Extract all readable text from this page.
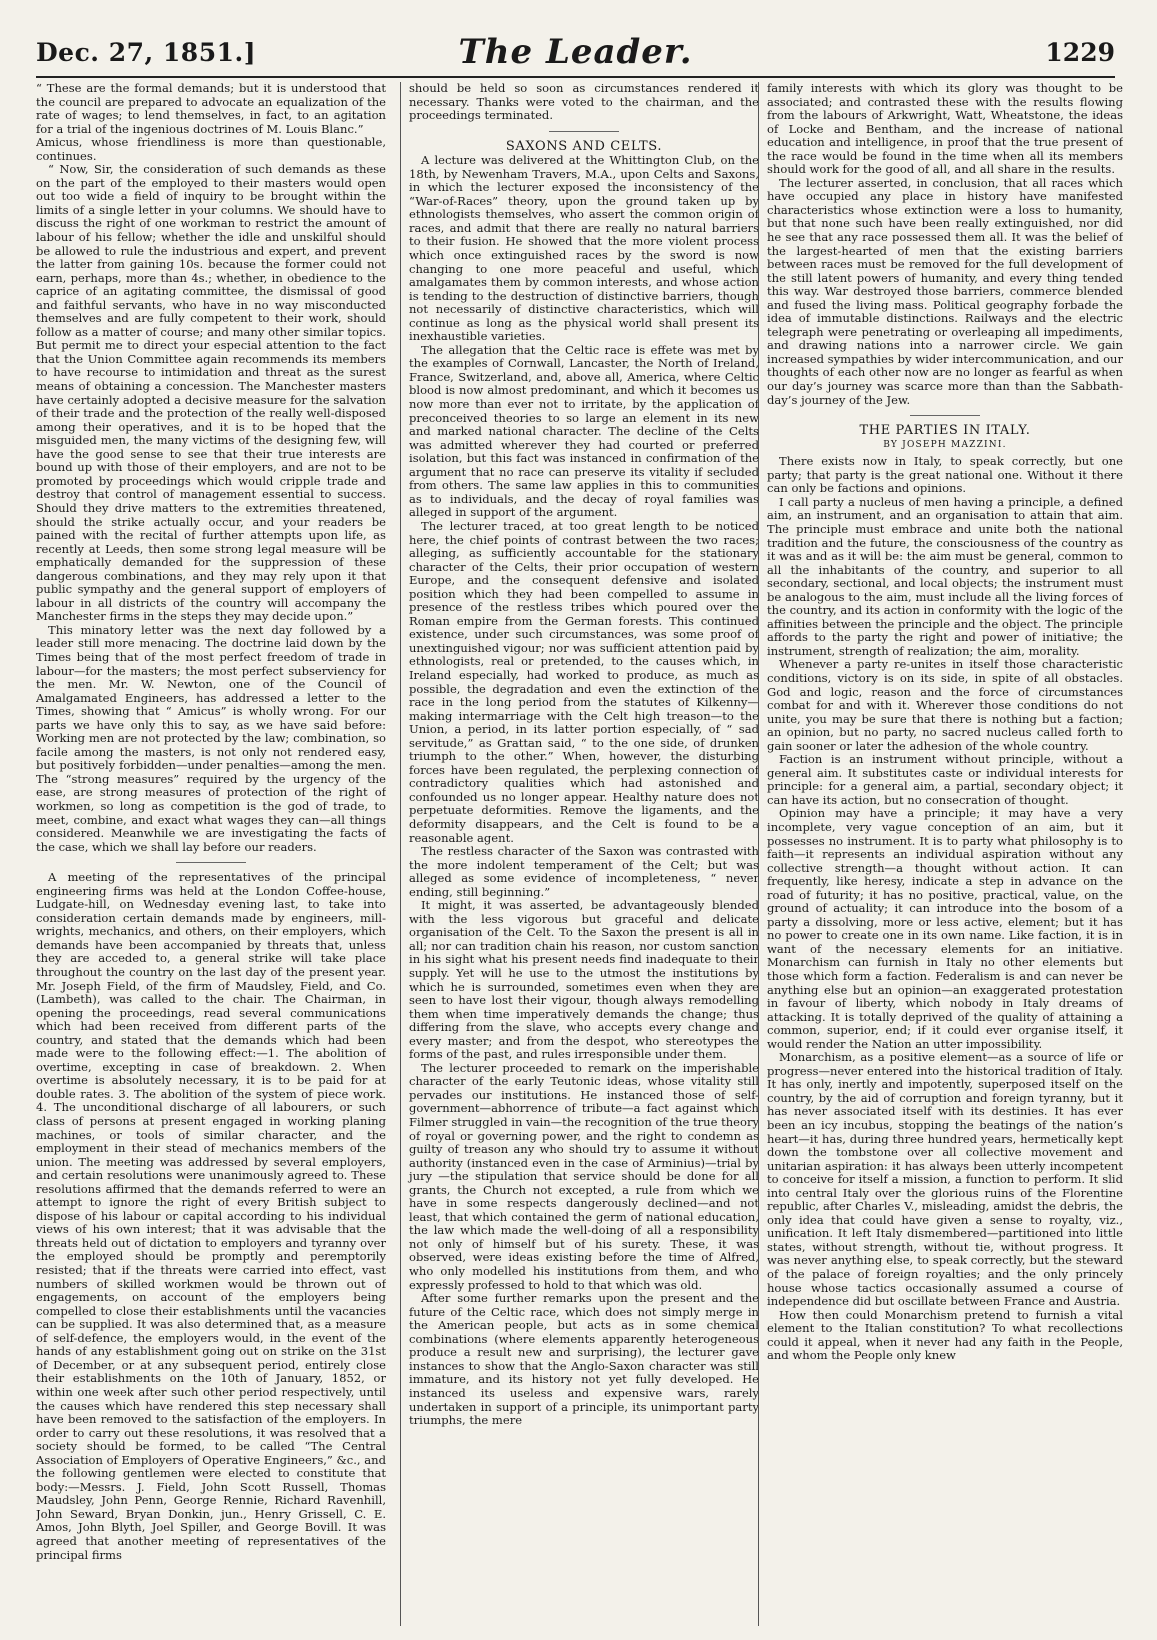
Dec. 27, 1851.]	The Leader.	1229

“ These are the formal demands; but it is understood that the council are prepared to advocate an equalization of the rate of wages; to lend themselves, in fact, to an agitation for a trial of the ingenious doctrines of M. Louis Blanc.”

Amicus, whose friendliness is more than questionable, continues.

“ Now, Sir, the consideration of such demands as these on the part of the employed to their masters would open out too wide a field of inquiry to be brought within the limits of a single letter in your columns. We should have to discuss the right of one workman to restrict the amount of labour of his fellow; whether the idle and unskilful should be allowed to rule the industrious and expert, and prevent the latter from gaining 10s. because the former could not earn, perhaps, more than 4s.; whether, in obedience to the caprice of an agitating committee, the dismissal of good and faithful servants, who have in no way misconducted themselves and are fully competent to their work, should follow as a matter of course; and many other similar topics. But permit me to direct your especial attention to the fact that the Union Committee again recommends its members to have recourse to intimidation and threat as the surest means of obtaining a concession. The Manchester masters have certainly adopted a decisive measure for the salvation of their trade and the protection of the really well-disposed among their operatives, and it is to be hoped that the misguided men, the many victims of the designing few, will have the good sense to see that their true interests are bound up with those of their employers, and are not to be promoted by proceedings which would cripple trade and destroy that control of management essential to success. Should they drive matters to the extremities threatened, should the strike actually occur, and your readers be pained with the recital of further attempts upon life, as recently at Leeds, then some strong legal measure will be emphatically demanded for the suppression of these dangerous combinations, and they may rely upon it that public sympathy and the general support of employers of labour in all districts of the country will accompany the Manchester firms in the steps they may decide upon.”

This minatory letter was the next day followed by a leader still more menacing. The doctrine laid down by the Times being that of the most perfect freedom of trade in labour—for the masters; the most perfect subserviency for the men. Mr. W. Newton, one of the Council of Amalgamated Engineers, has addressed a letter to the Times, showing that “ Amicus” is wholly wrong. For our parts we have only this to say, as we have said before: Working men are not protected by the law; combination, so facile among the masters, is not only not rendered easy, but positively forbidden—under penalties—among the men. The “strong measures” required by the urgency of the ease, are strong measures of protection of the right of workmen, so long as competition is the god of trade, to meet, combine, and exact what wages they can—all things considered. Meanwhile we are investigating the facts of the case, which we shall lay before our readers.

A meeting of the representatives of the principal engineering firms was held at the London Coffee-house, Ludgate-hill, on Wednesday evening last, to take into consideration certain demands made by engineers, mill-wrights, mechanics, and others, on their employers, which demands have been accompanied by threats that, unless they are acceded to, a general strike will take place throughout the country on the last day of the present year. Mr. Joseph Field, of the firm of Maudsley, Field, and Co. (Lambeth), was called to the chair. The Chairman, in opening the proceedings, read several communications which had been received from different parts of the country, and stated that the demands which had been made were to the following effect:—1. The abolition of overtime, excepting in case of breakdown. 2. When overtime is absolutely necessary, it is to be paid for at double rates. 3. The abolition of the system of piece work. 4. The unconditional discharge of all labourers, or such class of persons at present engaged in working planing machines, or tools of similar character, and the employment in their stead of mechanics members of the union. The meeting was addressed by several employers, and certain resolutions were unanimously agreed to. These resolutions affirmed that the demands referred to were an attempt to ignore the right of every British subject to dispose of his labour or capital according to his individual views of his own interest; that it was advisable that the threats held out of dictation to employers and tyranny over the employed should be promptly and peremptorily resisted; that if the threats were carried into effect, vast numbers of skilled workmen would be thrown out of engagements, on account of the employers being compelled to close their establishments until the vacancies can be supplied. It was also determined that, as a measure of self-defence, the employers would, in the event of the hands of any establishment going out on strike on the 31st of December, or at any subsequent period, entirely close their establishments on the 10th of January, 1852, or within one week after such other period respectively, until the causes which have rendered this step necessary shall have been removed to the satisfaction of the employers. In order to carry out these resolutions, it was resolved that a society should be formed, to be called “The Central Association of Employers of Operative Engineers,” &c., and the following gentlemen were elected to constitute that body:—Messrs. J. Field, John Scott Russell, Thomas Maudsley, John Penn, George Rennie, Richard Ravenhill, John Seward, Bryan Donkin, jun., Henry Grissell, C. E. Amos, John Blyth, Joel Spiller, and George Bovill. It was agreed that another meeting of representatives of the principal firms

should be held so soon as circumstances rendered it necessary. Thanks were voted to the chairman, and the proceedings terminated.

SAXONS AND CELTS.

A lecture was delivered at the Whittington Club, on the 18th, by Newenham Travers, M.A., upon Celts and Saxons, in which the lecturer exposed the inconsistency of the “War-of-Races” theory, upon the ground taken up by ethnologists themselves, who assert the common origin of races, and admit that there are really no natural barriers to their fusion. He showed that the more violent process which once extinguished races by the sword is now changing to one more peaceful and useful, which amalgamates them by common interests, and whose action is tending to the destruction of distinctive barriers, though not necessarily of distinctive characteristics, which will continue as long as the physical world shall present its inexhaustible varieties.

The allegation that the Celtic race is effete was met by the examples of Cornwall, Lancaster, the North of Ireland, France, Switzerland, and, above all, America, where Celtic blood is now almost predominant, and which it becomes us now more than ever not to irritate, by the application of preconceived theories to so large an element in its new and marked national character. The decline of the Celts was admitted wherever they had courted or preferred isolation, but this fact was instanced in confirmation of the argument that no race can preserve its vitality if secluded from others. The same law applies in this to communities as to individuals, and the decay of royal families was alleged in support of the argument.

The lecturer traced, at too great length to be noticed here, the chief points of contrast between the two races; alleging, as sufficiently accountable for the stationary character of the Celts, their prior occupation of western Europe, and the consequent defensive and isolated position which they had been compelled to assume in presence of the restless tribes which poured over the Roman empire from the German forests. This continued existence, under such circumstances, was some proof of unextinguished vigour; nor was sufficient attention paid by ethnologists, real or pretended, to the causes which, in Ireland especially, had worked to produce, as much as possible, the degradation and even the extinction of the race in the long period from the statutes of Kilkenny—making intermarriage with the Celt high treason—to the Union, a period, in its latter portion especially, of “ sad servitude,” as Grattan said, “ to the one side, of drunken triumph to the other.” When, however, the disturbing forces have been regulated, the perplexing connection of contradictory qualities which had astonished and confounded us no longer appear. Healthy nature does not perpetuate deformities. Remove the ligaments, and the deformity disappears, and the Celt is found to be a reasonable agent.

The restless character of the Saxon was contrasted with the more indolent temperament of the Celt; but was alleged as some evidence of incompleteness, “ never ending, still beginning.”

It might, it was asserted, be advantageously blended with the less vigorous but graceful and delicate organisation of the Celt. To the Saxon the present is all in all; nor can tradition chain his reason, nor custom sanction in his sight what his present needs find inadequate to their supply. Yet will he use to the utmost the institutions by which he is surrounded, sometimes even when they are seen to have lost their vigour, though always remodelling them when time imperatively demands the change; thus differing from the slave, who accepts every change and every master; and from the despot, who stereotypes the forms of the past, and rules irresponsible under them.

The lecturer proceeded to remark on the imperishable character of the early Teutonic ideas, whose vitality still pervades our institutions. He instanced those of self-government—abhorrence of tribute—a fact against which Filmer struggled in vain—the recognition of the true theory of royal or governing power, and the right to condemn as guilty of treason any who should try to assume it without authority (instanced even in the case of Arminius)—trial by jury —the stipulation that service should be done for all grants, the Church not excepted, a rule from which we have in some respects dangerously declined—and not least, that which contained the germ of national education, the law which made the well-doing of all a responsibility not only of himself but of his surety. These, it was observed, were ideas existing before the time of Alfred, who only modelled his institutions from them, and who expressly professed to hold to that which was old.

After some further remarks upon the present and the future of the Celtic race, which does not simply merge in the American people, but acts as in some chemical combinations (where elements apparently heterogeneous produce a result new and surprising), the lecturer gave instances to show that the Anglo-Saxon character was still immature, and its history not yet fully developed. He instanced its useless and expensive wars, rarely undertaken in support of a principle, its unimportant party triumphs, the mere

family interests with which its glory was thought to be associated; and contrasted these with the results flowing from the labours of Arkwright, Watt, Wheatstone, the ideas of Locke and Bentham, and the increase of national education and intelligence, in proof that the true present of the race would be found in the time when all its members should work for the good of all, and all share in the results.

The lecturer asserted, in conclusion, that all races which have occupied any place in history have manifested characteristics whose extinction were a loss to humanity, but that none such have been really extinguished, nor did he see that any race possessed them all. It was the belief of the largest-hearted of men that the existing barriers between races must be removed for the full development of the still latent powers of humanity, and every thing tended this way. War destroyed those barriers, commerce blended and fused the living mass. Political geography forbade the idea of immutable distinctions. Railways and the electric telegraph were penetrating or overleaping all impediments, and drawing nations into a narrower circle. We gain increased sympathies by wider intercommunication, and our thoughts of each other now are no longer as fearful as when our day’s journey was scarce more than than the Sabbath-day’s journey of the Jew.

THE PARTIES IN ITALY.
BY JOSEPH MAZZINI.

There exists now in Italy, to speak correctly, but one party; that party is the great national one. Without it there can only be factions and opinions.

I call party a nucleus of men having a principle, a defined aim, an instrument, and an organisation to attain that aim. The principle must embrace and unite both the national tradition and the future, the consciousness of the country as it was and as it will be: the aim must be general, common to all the inhabitants of the country, and superior to all secondary, sectional, and local objects; the instrument must be analogous to the aim, must include all the living forces of the country, and its action in conformity with the logic of the affinities between the principle and the object. The principle affords to the party the right and power of initiative; the instrument, strength of realization; the aim, morality.

Whenever a party re-unites in itself those characteristic conditions, victory is on its side, in spite of all obstacles. God and logic, reason and the force of circumstances combat for and with it. Wherever those conditions do not unite, you may be sure that there is nothing but a faction; an opinion, but no party, no sacred nucleus called forth to gain sooner or later the adhesion of the whole country.

Faction is an instrument without principle, without a general aim. It substitutes caste or individual interests for principle: for a general aim, a partial, secondary object; it can have its action, but no consecration of thought.

Opinion may have a principle; it may have a very incomplete, very vague conception of an aim, but it possesses no instrument. It is to party what philosophy is to faith—it represents an individual aspiration without any collective strength—a thought without action. It can frequently, like heresy, indicate a step in advance on the road of futurity; it has no positive, practical, value, on the ground of actuality; it can introduce into the bosom of a party a dissolving, more or less active, element; but it has no power to create one in its own name. Like faction, it is in want of the necessary elements for an initiative. Monarchism can furnish in Italy no other elements but those which form a faction. Federalism is and can never be anything else but an opinion—an exaggerated protestation in favour of liberty, which nobody in Italy dreams of attacking. It is totally deprived of the quality of attaining a common, superior, end; if it could ever organise itself, it would render the Nation an utter impossibility.

Monarchism, as a positive element—as a source of life or progress—never entered into the historical tradition of Italy. It has only, inertly and impotently, superposed itself on the country, by the aid of corruption and foreign tyranny, but it has never associated itself with its destinies. It has ever been an icy incubus, stopping the beatings of the nation’s heart—it has, during three hundred years, hermetically kept down the tombstone over all collective movement and unitarian aspiration: it has always been utterly incompetent to conceive for itself a mission, a function to perform. It slid into central Italy over the glorious ruins of the Florentine republic, after Charles V., misleading, amidst the debris, the only idea that could have given a sense to royalty, viz., unification. It left Italy dismembered—partitioned into little states, without strength, without tie, without progress. It was never anything else, to speak correctly, but the steward of the palace of foreign royalties; and the only princely house whose tactics occasionally assumed a course of independence did but oscillate between France and Austria.

How then could Monarchism pretend to furnish a vital element to the Italian constitution? To what recollections could it appeal, when it never had any faith in the People, and whom the People only knew
